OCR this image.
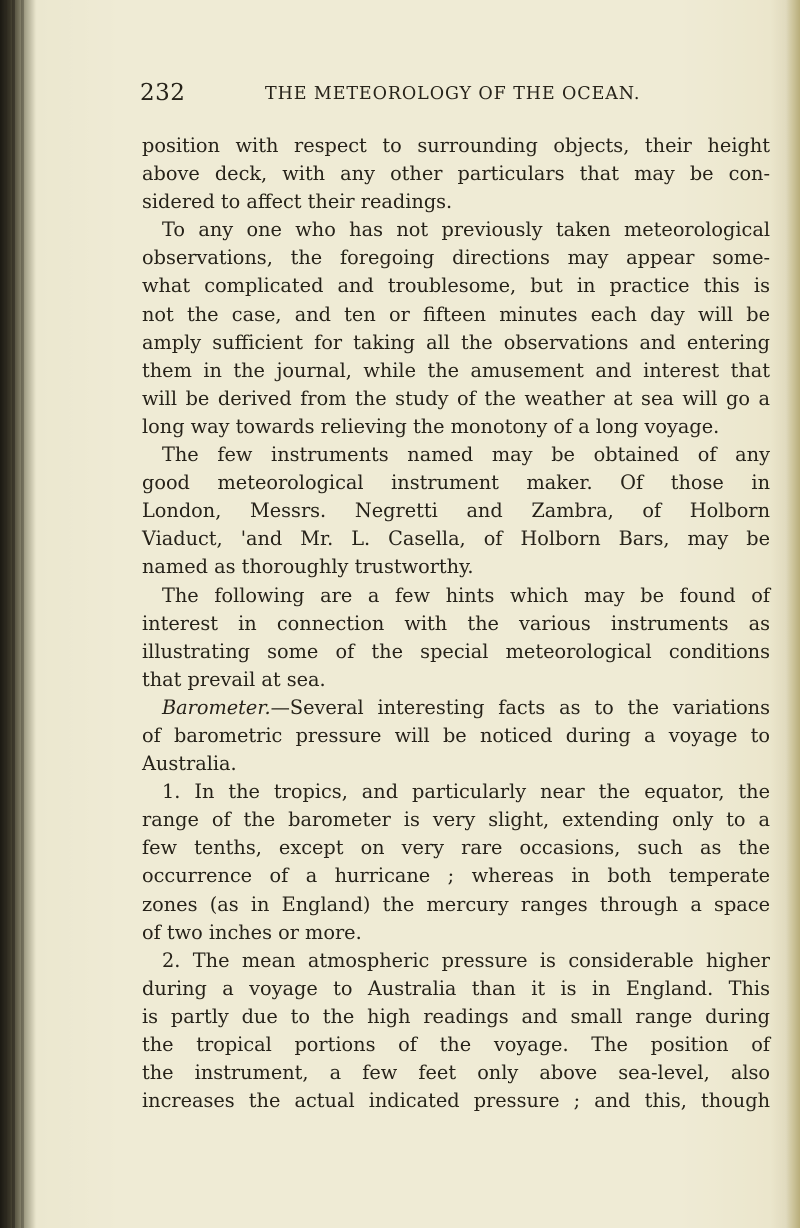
232	THE METEOROLOGY OF THE OCEAN.
position with respect to surrounding objects, their height
above deck, with any other particulars that may be con-
sidered to affect their readings.
To any one who has not previously taken meteorological
observations, the foregoing directions may appear some-
what complicated and troublesome, but in practice this is
not the case, and ten or fifteen minutes each day will be
amply sufficient for taking all the observations and entering
them in the journal, while the amusement and interest that
will be derived from the study of the weather at sea will go a
long way towards relieving the monotony of a long voyage.
The few instruments named may be obtained of any
good meteorological instrument maker. Of those in
London, Messrs. Negretti and Zambra, of Holborn
Viaduct, 'and Mr. L. Casella, of Holborn Bars, may be
named as thoroughly trustworthy.
The following are a few hints which may be found of
interest in connection with the various instruments as
illustrating some of the special meteorological conditions
that prevail at sea.
Barometer.—Several interesting facts as to the variations
of barometric pressure will be noticed during a voyage to
Australia.
1. In the tropics, and particularly near the equator, the
range of the barometer is very slight, extending only to a
few tenths, except on very rare occasions, such as the
occurrence of a hurricane ; whereas in both temperate
zones (as in England) the mercury ranges through a space
of two inches or more.
2. The mean atmospheric pressure is considerable higher
during a voyage to Australia than it is in England. This
is partly due to the high readings and small range during
the tropical portions of the voyage. The position of
the instrument, a few feet only above sea-level, also
increases the actual indicated pressure ; and this, though
